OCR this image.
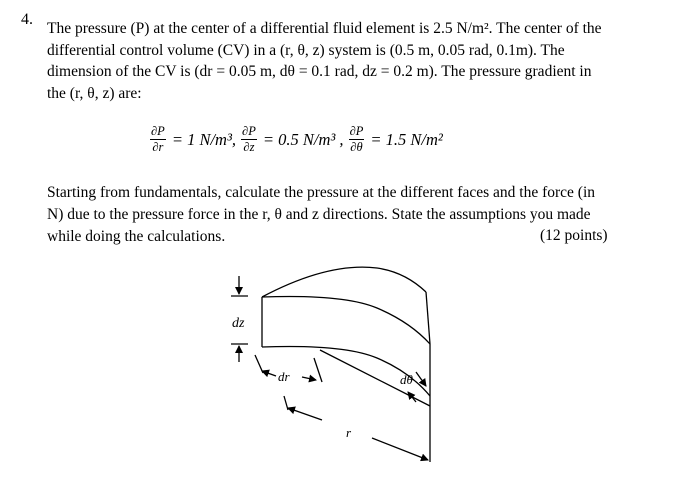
4.
The pressure (P) at the center of a differential fluid element is 2.5 N/m². The center of the
differential control volume (CV) in a (r, θ, z) system is (0.5 m, 0.05 rad, 0.1m). The
dimension of the CV is (dr = 0.05 m, dθ = 0.1 rad, dz = 0.2 m). The pressure gradient in
the (r, θ, z) are:
$\frac{\partial P}{\partial r} = 1$ N/m³, $\frac{\partial P}{\partial z} = 0.5$ N/m³ , $\frac{\partial P}{\partial\theta} = 1.5$ N/m²
Starting from fundamentals, calculate the pressure at the different faces and the force (in
N) due to the pressure force in the r, θ and z directions. State the assumptions you made
while doing the calculations.	(12 points)
dz
dr	dθ
r
